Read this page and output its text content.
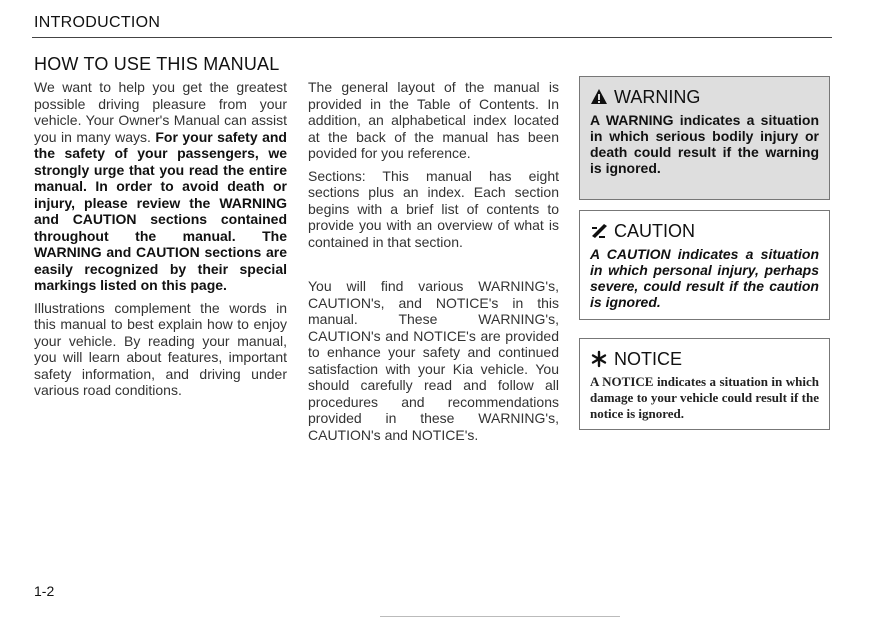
INTRODUCTION
HOW TO USE THIS MANUAL

We want to help you get the greatest possible driving pleasure from your vehicle. Your Owner's Manual can assist you in many ways. For your safety and the safety of your passengers, we strongly urge that you read the entire manual. In order to avoid death or injury, please review the WARNING and CAUTION sections contained throughout the manual. The WARNING and CAUTION sections are easily recognized by their special markings listed on this page.

Illustrations complement the words in this manual to best explain how to enjoy your vehicle. By reading your manual, you will learn about features, important safety information, and driving under various road conditions.

The general layout of the manual is provided in the Table of Contents. In addition, an alphabetical index located at the back of the manual has been povided for you reference.

Sections: This manual has eight sections plus an index. Each section begins with a brief list of contents to provide you with an overview of what is contained in that section.

You will find various WARNING's, CAUTION's, and NOTICE's in this manual. These WARNING's, CAUTION's and NOTICE's are provided to enhance your safety and continued satisfaction with your Kia vehicle. You should carefully read and follow all procedures and recommendations provided in these WARNING's, CAUTION's and NOTICE's.

WARNING
A WARNING indicates a situation in which serious bodily injury or death could result if the warning is ignored.
CAUTION
A CAUTION indicates a situation in which personal injury, perhaps severe, could result if the caution is ignored.
NOTICE
A NOTICE indicates a situation in which damage to your vehicle could result if the notice is ignored.
1-2
